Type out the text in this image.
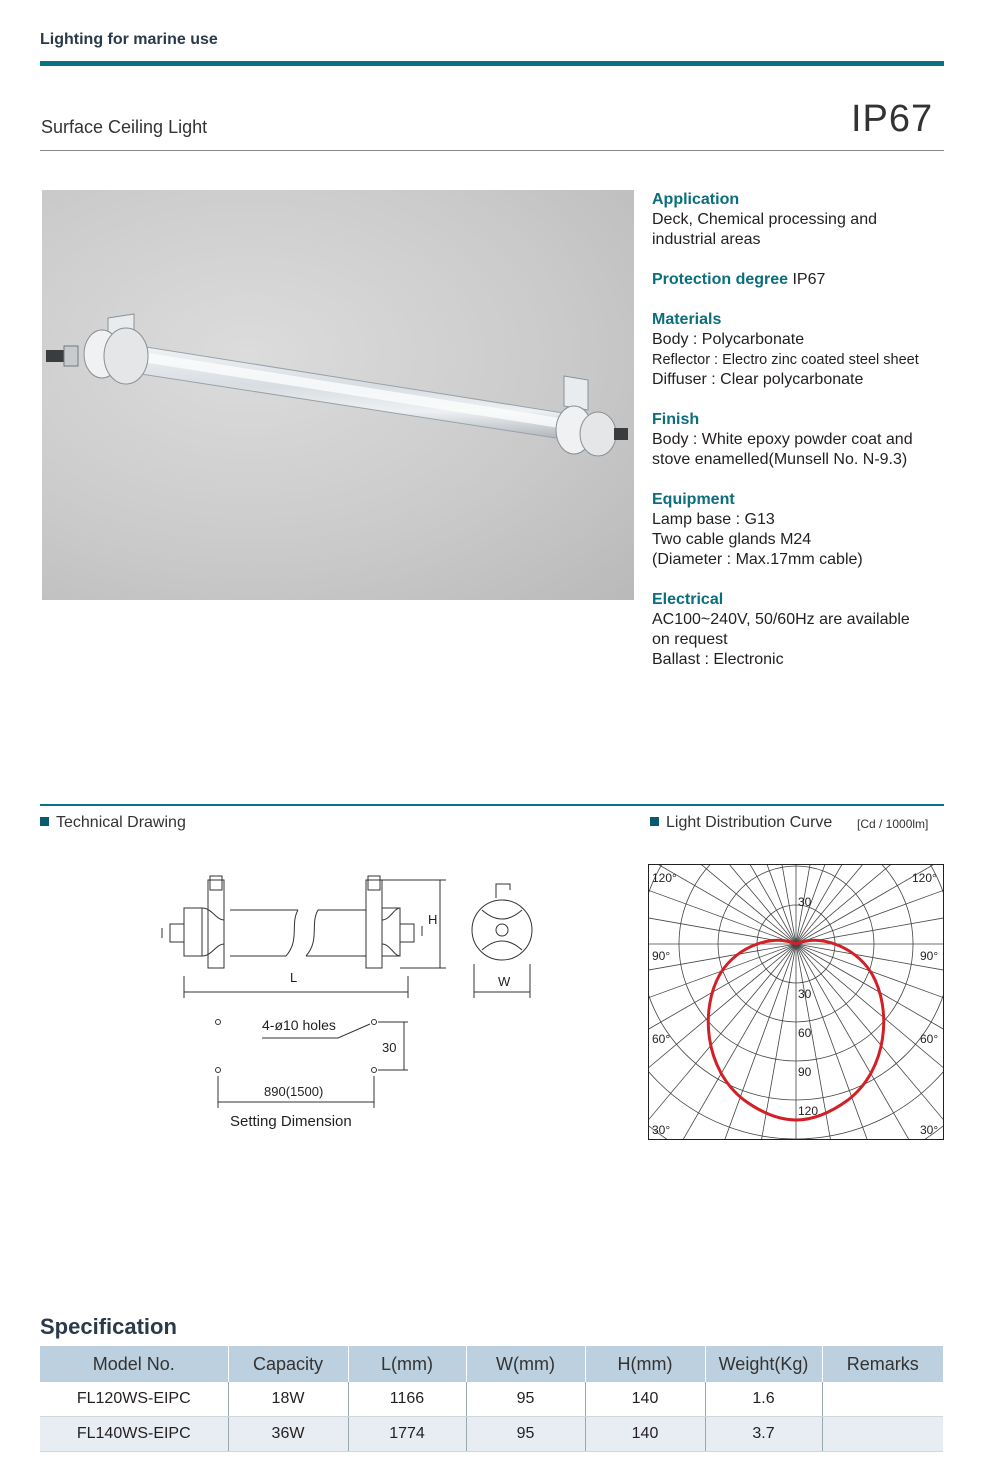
Lighting for marine use
Surface Ceiling Light	IP67
Application
Deck, Chemical processing and
industrial areas
Protection degree IP67
Materials
Body : Polycarbonate
Reflector : Electro zinc coated steel sheet
Diffuser : Clear polycarbonate
Finish
Body : White epoxy powder coat and
stove enamelled(Munsell No. N-9.3)
Equipment
Lamp base : G13
Two cable glands M24
(Diameter : Max.17mm cable)
Electrical
AC100~240V, 50/60Hz are available
on request
Ballast : Electronic
Technical Drawing	Light Distribution Curve [Cd / 1000lm]
H
L	W
4-ø10 holes
30
890(1500)
Setting Dimension
120°	120°
90°	90°
60°	60°
30°	30°
30
30
60
90
120
Specification
Model No.	Capacity	L(mm)	W(mm)	H(mm)	Weight(Kg)	Remarks
FL120WS-EIPC	18W	1166	95	140	1.6	
FL140WS-EIPC	36W	1774	95	140	3.7	
